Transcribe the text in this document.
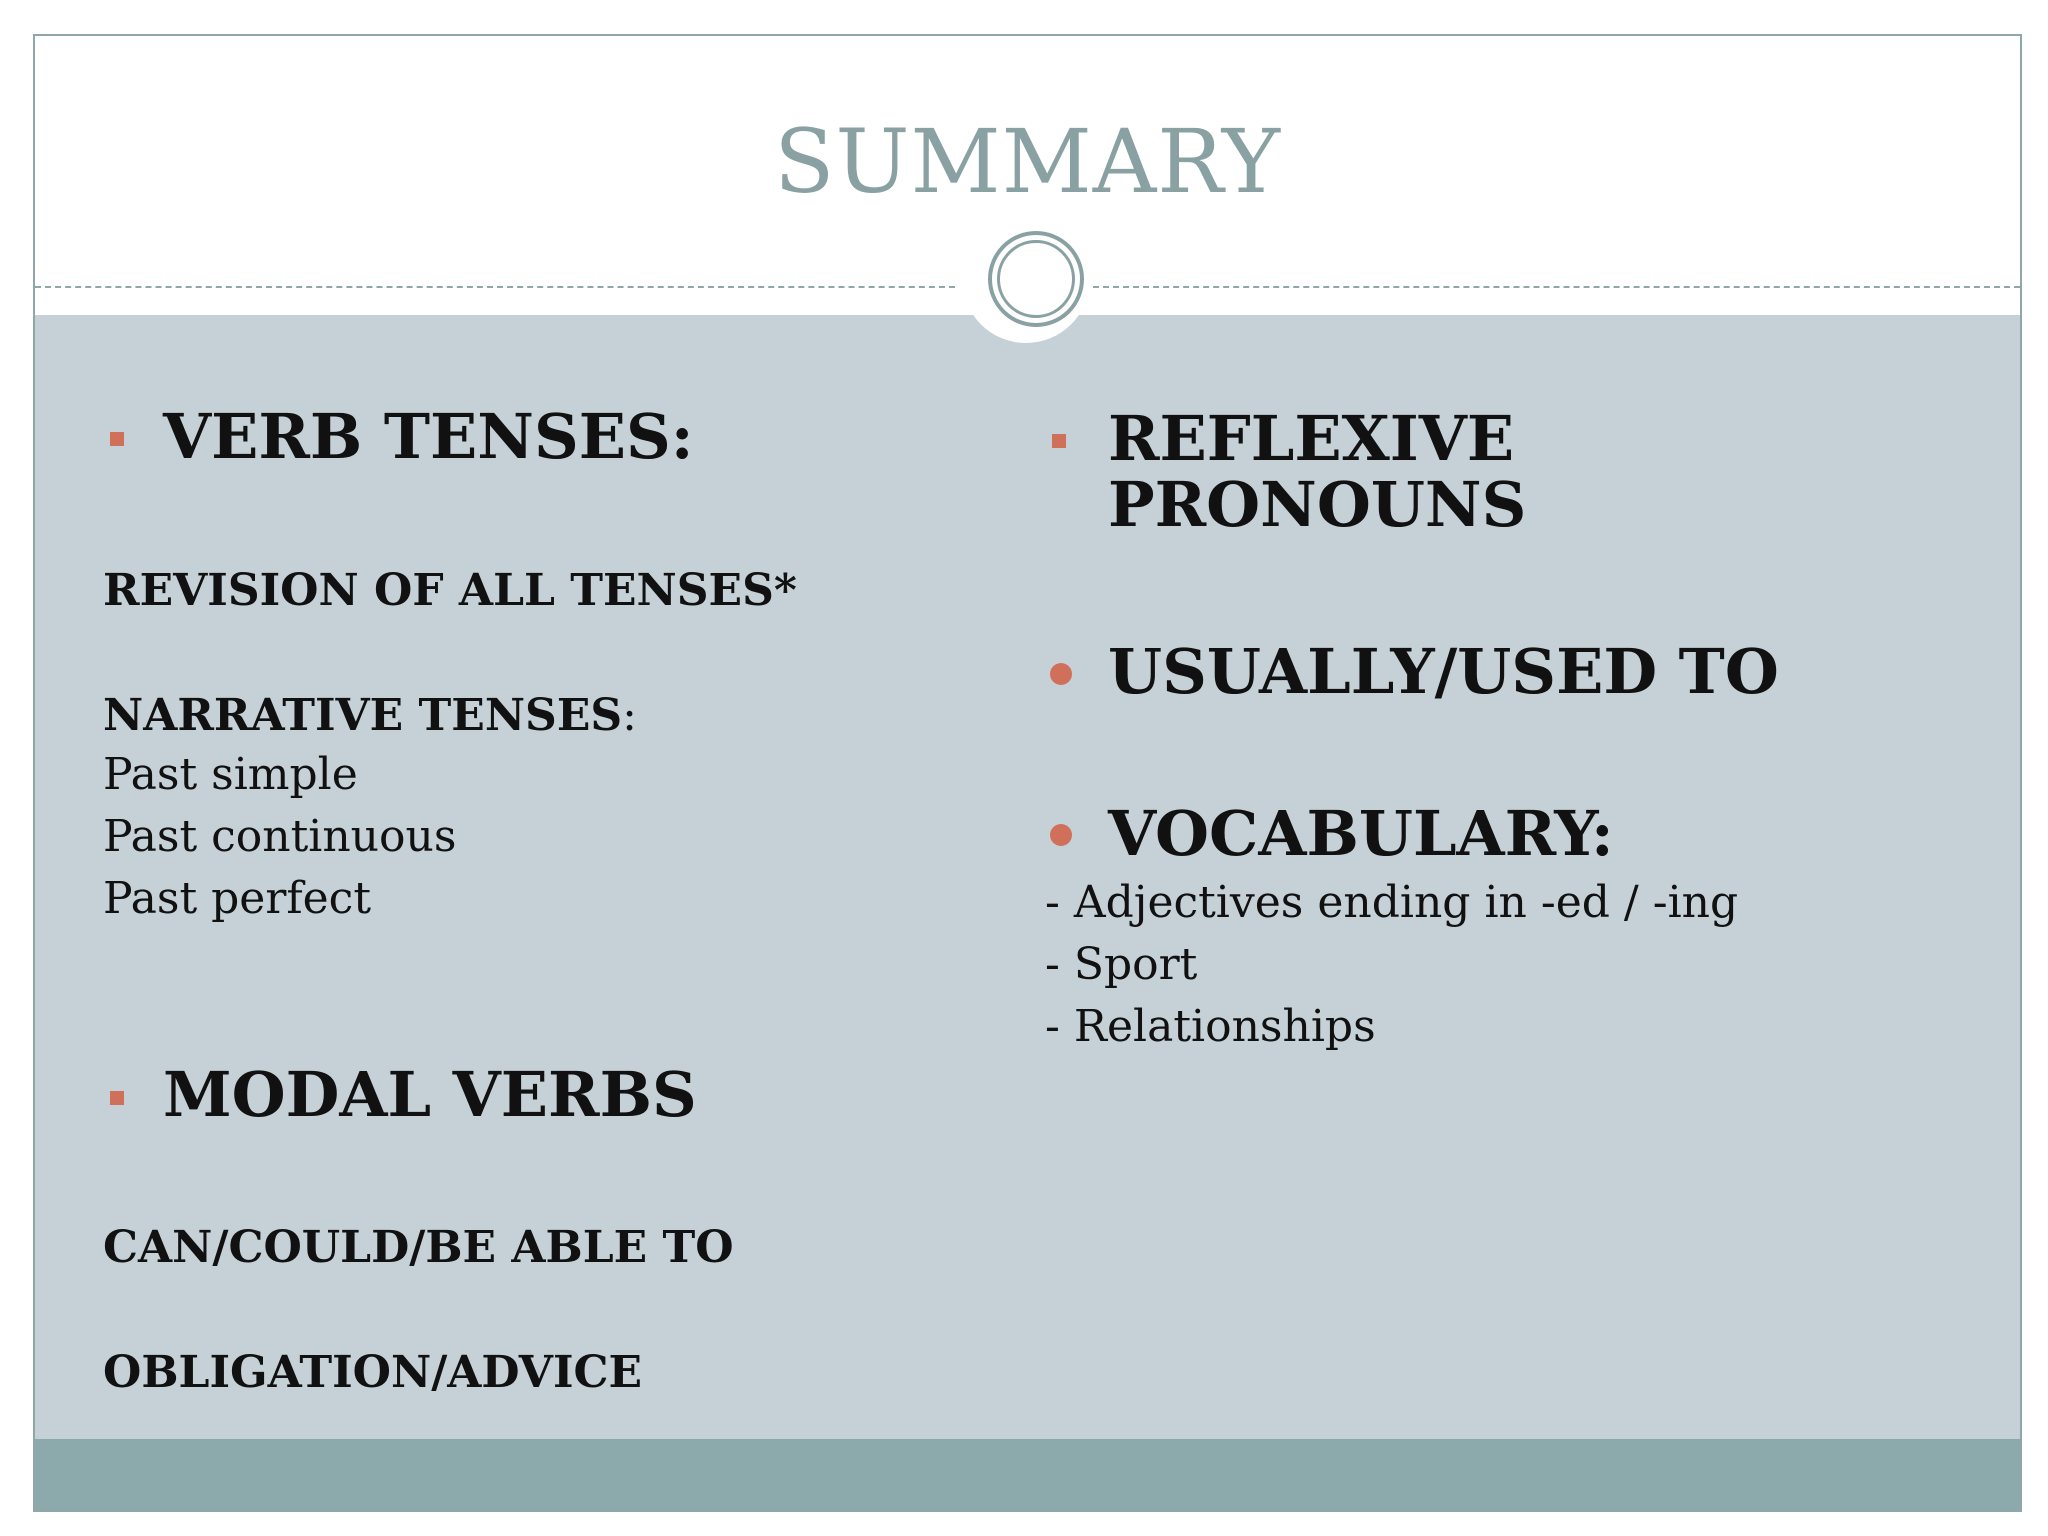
SUMMARY
VERB TENSES:
REVISION OF ALL TENSES*
NARRATIVE TENSES:
Past simple
Past continuous
Past perfect
MODAL VERBS
CAN/COULD/BE ABLE TO
OBLIGATION/ADVICE
REFLEXIVE
PRONOUNS
USUALLY/USED TO
VOCABULARY:
- Adjectives ending in -ed / -ing
- Sport
- Relationships
